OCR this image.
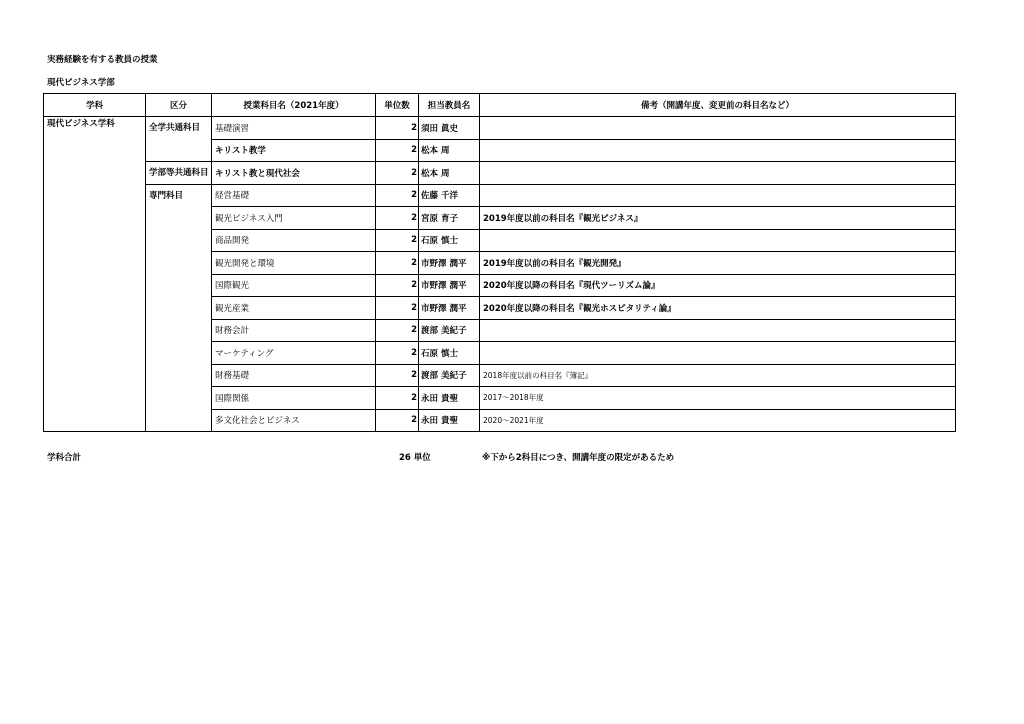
実務経験を有する教員の授業
現代ビジネス学部
学科	区分	授業科目名（2021年度）	単位数	担当教員名	備考（開講年度、変更前の科目名など）
現代ビジネス学科	全学共通科目	基礎演習	2	須田 眞史	
		キリスト教学	2	松本 周	
	学部等共通科目	キリスト教と現代社会	2	松本 周	
	専門科目	経営基礎	2	佐藤 千洋	
		観光ビジネス入門	2	宮原 育子	2019年度以前の科目名『観光ビジネス』
		商品開発	2	石原 慎士	
		観光開発と環境	2	市野澤 潤平	2019年度以前の科目名『観光開発』
		国際観光	2	市野澤 潤平	2020年度以降の科目名『現代ツーリズム論』
		観光産業	2	市野澤 潤平	2020年度以降の科目名『観光ホスピタリティ論』
		財務会計	2	渡部 美紀子	
		マーケティング	2	石原 慎士	
		財務基礎	2	渡部 美紀子	2018年度以前の科目名『簿記』
		国際関係	2	永田 貴聖	2017～2018年度
		多文化社会とビジネス	2	永田 貴聖	2020～2021年度
学科合計	26 単位	※下から2科目につき、開講年度の限定があるため
